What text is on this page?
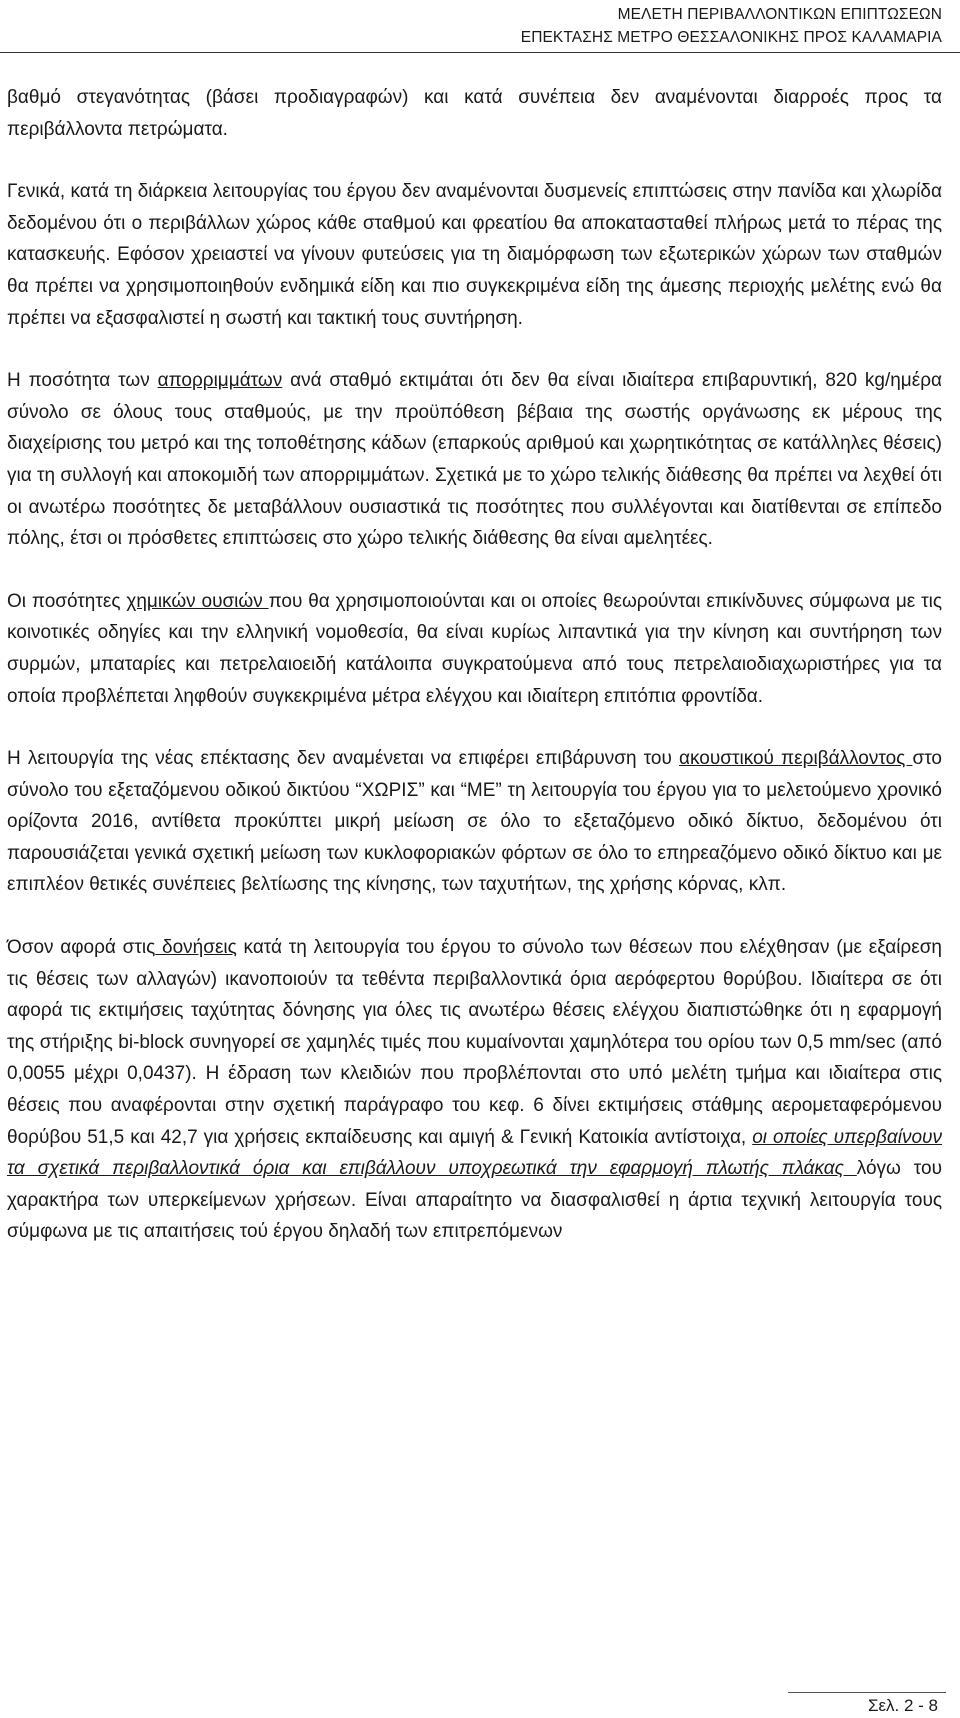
ΜΕΛΕΤΗ ΠΕΡΙΒΑΛΛΟΝΤΙΚΩΝ ΕΠΙΠΤΩΣΕΩΝ
ΕΠΕΚΤΑΣΗΣ ΜΕΤΡΟ ΘΕΣΣΑΛΟΝΙΚΗΣ ΠΡΟΣ ΚΑΛΑΜΑΡΙΑ

βαθμό στεγανότητας (βάσει προδιαγραφών) και κατά συνέπεια δεν αναμένονται διαρροές προς τα περιβάλλοντα πετρώματα.

Γενικά, κατά τη διάρκεια λειτουργίας του έργου δεν αναμένονται δυσμενείς επιπτώσεις στην πανίδα και χλωρίδα δεδομένου ότι ο περιβάλλων χώρος κάθε σταθμού και φρεατίου θα αποκατασταθεί πλήρως μετά το πέρας της κατασκευής. Εφόσον χρειαστεί να γίνουν φυτεύσεις για τη διαμόρφωση των εξωτερικών χώρων των σταθμών θα πρέπει να χρησιμοποιηθούν ενδημικά είδη και πιο συγκεκριμένα είδη της άμεσης περιοχής μελέτης ενώ θα πρέπει να εξασφαλιστεί η σωστή και τακτική τους συντήρηση.

Η ποσότητα των απορριμμάτων ανά σταθμό εκτιμάται ότι δεν θα είναι ιδιαίτερα επιβαρυντική, 820 kg/ημέρα σύνολο σε όλους τους σταθμούς, με την προϋπόθεση βέβαια της σωστής οργάνωσης εκ μέρους της διαχείρισης του μετρό και της τοποθέτησης κάδων (επαρκούς αριθμού και χωρητικότητας σε κατάλληλες θέσεις) για τη συλλογή και αποκομιδή των απορριμμάτων. Σχετικά με το χώρο τελικής διάθεσης θα πρέπει να λεχθεί ότι οι ανωτέρω ποσότητες δε μεταβάλλουν ουσιαστικά τις ποσότητες που συλλέγονται και διατίθενται σε επίπεδο πόλης, έτσι οι πρόσθετες επιπτώσεις στο χώρο τελικής διάθεσης θα είναι αμελητέες.

Οι ποσότητες χημικών ουσιών που θα χρησιμοποιούνται και οι οποίες θεωρούνται επικίνδυνες σύμφωνα με τις κοινοτικές οδηγίες και την ελληνική νομοθεσία, θα είναι κυρίως λιπαντικά για την κίνηση και συντήρηση των συρμών, μπαταρίες και πετρελαιοειδή κατάλοιπα συγκρατούμενα από τους πετρελαιοδιαχωριστήρες για τα οποία προβλέπεται ληφθούν συγκεκριμένα μέτρα ελέγχου και ιδιαίτερη επιτόπια φροντίδα.

Η λειτουργία της νέας επέκτασης δεν αναμένεται να επιφέρει επιβάρυνση του ακουστικού περιβάλλοντος στο σύνολο του εξεταζόμενου οδικού δικτύου “ΧΩΡΙΣ” και “ΜΕ” τη λειτουργία του έργου για το μελετούμενο χρονικό ορίζοντα 2016, αντίθετα προκύπτει μικρή μείωση σε όλο το εξεταζόμενο οδικό δίκτυο, δεδομένου ότι παρουσιάζεται γενικά σχετική μείωση των κυκλοφοριακών φόρτων σε όλο το επηρεαζόμενο οδικό δίκτυο και με επιπλέον θετικές συνέπειες βελτίωσης της κίνησης, των ταχυτήτων, της χρήσης κόρνας, κλπ.

Όσον αφορά στις δονήσεις κατά τη λειτουργία του έργου το σύνολο των θέσεων που ελέχθησαν (με εξαίρεση τις θέσεις των αλλαγών) ικανοποιούν τα τεθέντα περιβαλλοντικά όρια αερόφερτου θορύβου. Ιδιαίτερα σε ότι αφορά τις εκτιμήσεις ταχύτητας δόνησης για όλες τις ανωτέρω θέσεις ελέγχου διαπιστώθηκε ότι η εφαρμογή της στήριξης bi-block συνηγορεί σε χαμηλές τιμές που κυμαίνονται χαμηλότερα του ορίου των 0,5 mm/sec (από 0,0055 μέχρι 0,0437). Η έδραση των κλειδιών που προβλέπονται στο υπό μελέτη τμήμα και ιδιαίτερα στις θέσεις που αναφέρονται στην σχετική παράγραφο του κεφ. 6 δίνει εκτιμήσεις στάθμης αερομεταφερόμενου θορύβου 51,5 και 42,7 για χρήσεις εκπαίδευσης και αμιγή & Γενική Κατοικία αντίστοιχα, οι οποίες υπερβαίνουν τα σχετικά περιβαλλοντικά όρια και επιβάλλουν υποχρεωτικά την εφαρμογή πλωτής πλάκας λόγω του χαρακτήρα των υπερκείμενων χρήσεων. Είναι απαραίτητο να διασφαλισθεί η άρτια τεχνική λειτουργία τους σύμφωνα με τις απαιτήσεις τού έργου δηλαδή των επιτρεπόμενων

Σελ. 2 - 8
